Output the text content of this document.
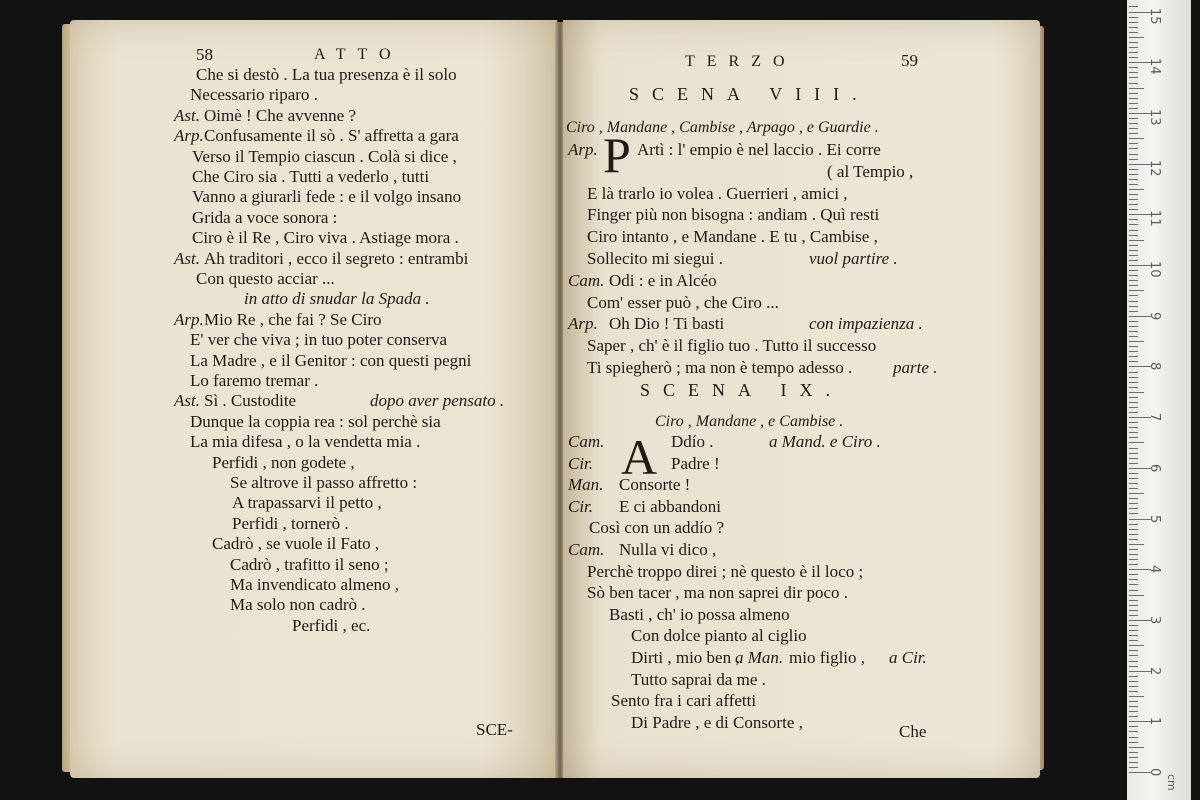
58	ATTO
Che si destò . La tua presenza è il solo
Necessario riparo .
Ast. Oimè ! Che avvenne ?
Arp. Confusamente il sò . S' affretta a gara
Verso il Tempio ciascun . Colà si dice ,
Che Ciro sia . Tutti a vederlo , tutti
Vanno a giurarli fede : e il volgo insano
Grida a voce sonora :
Ciro è il Re , Ciro viva . Astiage mora .
Ast. Ah traditori , ecco il segreto : entrambi
Con questo acciar ...
in atto di snudar la Spada .
Arp. Mio Re , che fai ? Se Ciro
E' ver che viva ; in tuo poter conserva
La Madre , e il Genitor : con questi pegni
Lo faremo tremar .
Ast. Sì . Custodite	dopo aver pensato .
Dunque la coppia rea : sol perchè sia
La mia difesa , o la vendetta mia .
Perfidi , non godete ,
Se altrove il passo affretto :
A trapassarvi il petto ,
Perfidi , tornerò .
Cadrò , se vuole il Fato ,
Cadrò , trafitto il seno ;
Ma invendicato almeno ,
Ma solo non cadrò .
Perfidi , ec.
SCE-
TERZO	59
SCENA VIII.
Ciro , Mandane , Cambise , Arpago , e Guardie .
P
Arp. Artì : l' empio è nel laccio . Ei corre
( al Tempio ,
E là trarlo io volea . Guerrieri , amici ,
Finger più non bisogna : andiam . Quì resti
Ciro intanto , e Mandane . E tu , Cambise ,
Sollecito mi siegui .	vuol partire .
Cam. Odi : e in Alcéo
Com' esser può , che Ciro ...
Arp. Oh Dio ! Ti basti	con impazienza .
Saper , ch' è il figlio tuo . Tutto il successo
Ti spiegherò ; ma non è tempo adesso . parte .
SCENA IX.
Ciro , Mandane , e Cambise .
A
Cam.	Ddío .	a Mand. e Ciro .
Cir.	Padre !
Man. Consorte !
Cir. E ci abbandoni
Così con un addío ?
Cam. Nulla vi dico ,
Perchè troppo direi ; nè questo è il loco ;
Sò ben tacer , ma non saprei dir poco .
Basti , ch' io possa almeno
Con dolce pianto al ciglio
Dirti , mio ben ,
a Man. mio figlio , a Cir.
Tutto saprai da me .
Sento fra i cari affetti
Di Padre , e di Consorte ,	Che
0
1
2
3
4
5
6
7
8
9
10
11
12
13
14
15
cm
